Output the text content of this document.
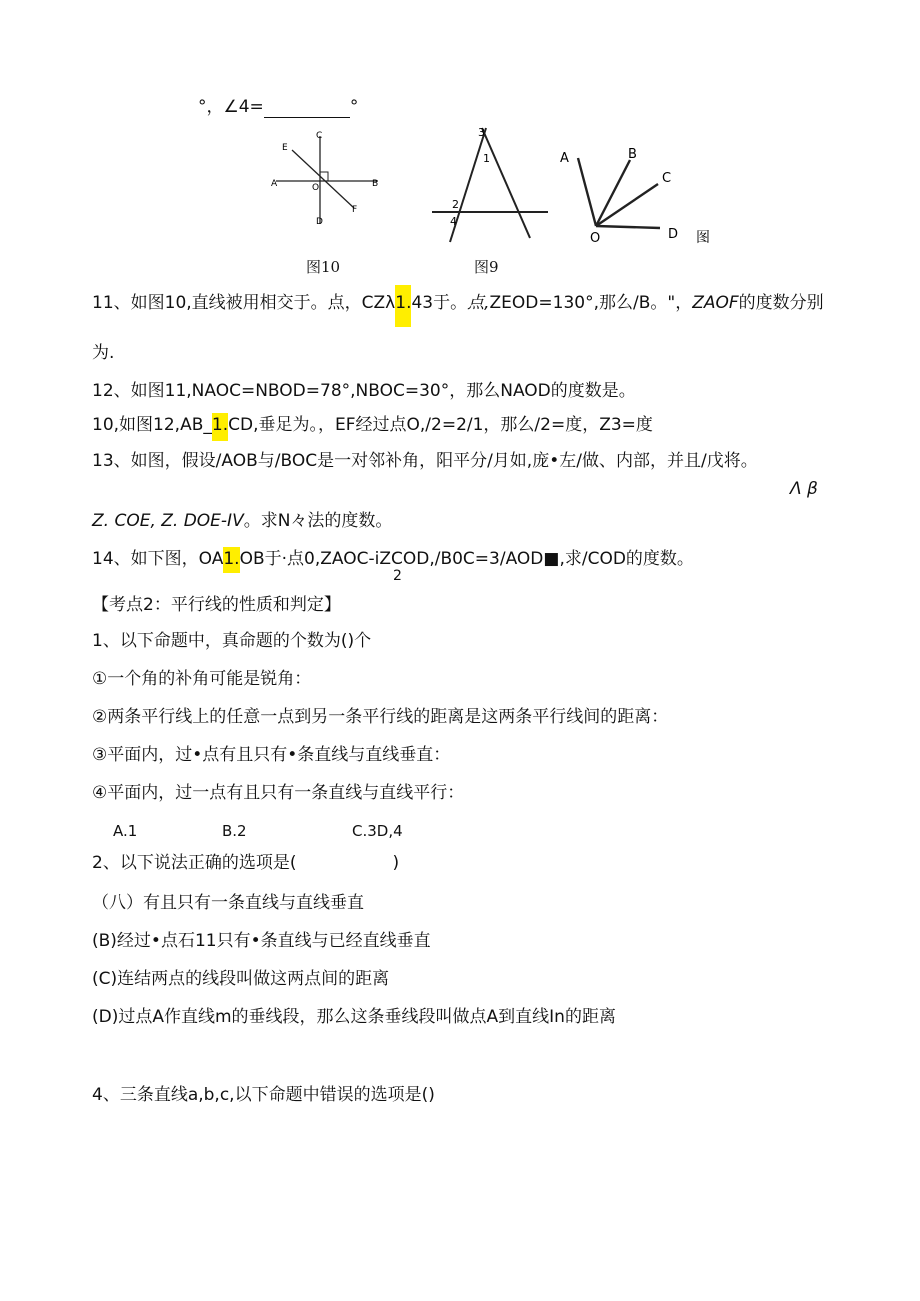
°，∠4=	°
E
C
A	O	B
F
D
图10
3
1
2
4
图9
A	B
C
O	D 图
11、如图10,直线被用相交于。点，CZλ1.43于。点,ZEOD=130°,那么/B。"，ZAOF的度数分别
为.
12、如图11,NAOC=NBOD=78°,NBOC=30°，那么NAOD的度数是。
10,如图12,AB_1.CD,垂足为。，EF经过点O,/2=2/1，那么/2=度，Z3=度
13、如图，假设/AOB与/BOC是一对邻补角，阳平分/月如,庞•左/做、内部，并且/戊将。
Λ β
Z. COE, Z. DOE-IV。求N々法的度数。
14、如下图，OA1.OB于·点0,ZAOC-iZCOD,/B0C=3/AOD■,求/COD的度数。
2
【考点2：平行线的性质和判定】
1、以下命题中，真命题的个数为()个
①一个角的补角可能是锐角：
②两条平行线上的任意一点到另一条平行线的距离是这两条平行线间的距离：
③平面内，过•点有且只有•条直线与直线垂直：
④平面内，过一点有且只有一条直线与直线平行：
A.1	B.2	C.3D,4
2、以下说法正确的选项是(	)
（八）有且只有一条直线与直线垂直
(B)经过•点石11只有•条直线与已经直线垂直
(C)连结两点的线段叫做这两点间的距离
(D)过点A作直线m的垂线段，那么这条垂线段叫做点A到直线In的距离
4、三条直线a,b,c,以下命题中错误的选项是()
